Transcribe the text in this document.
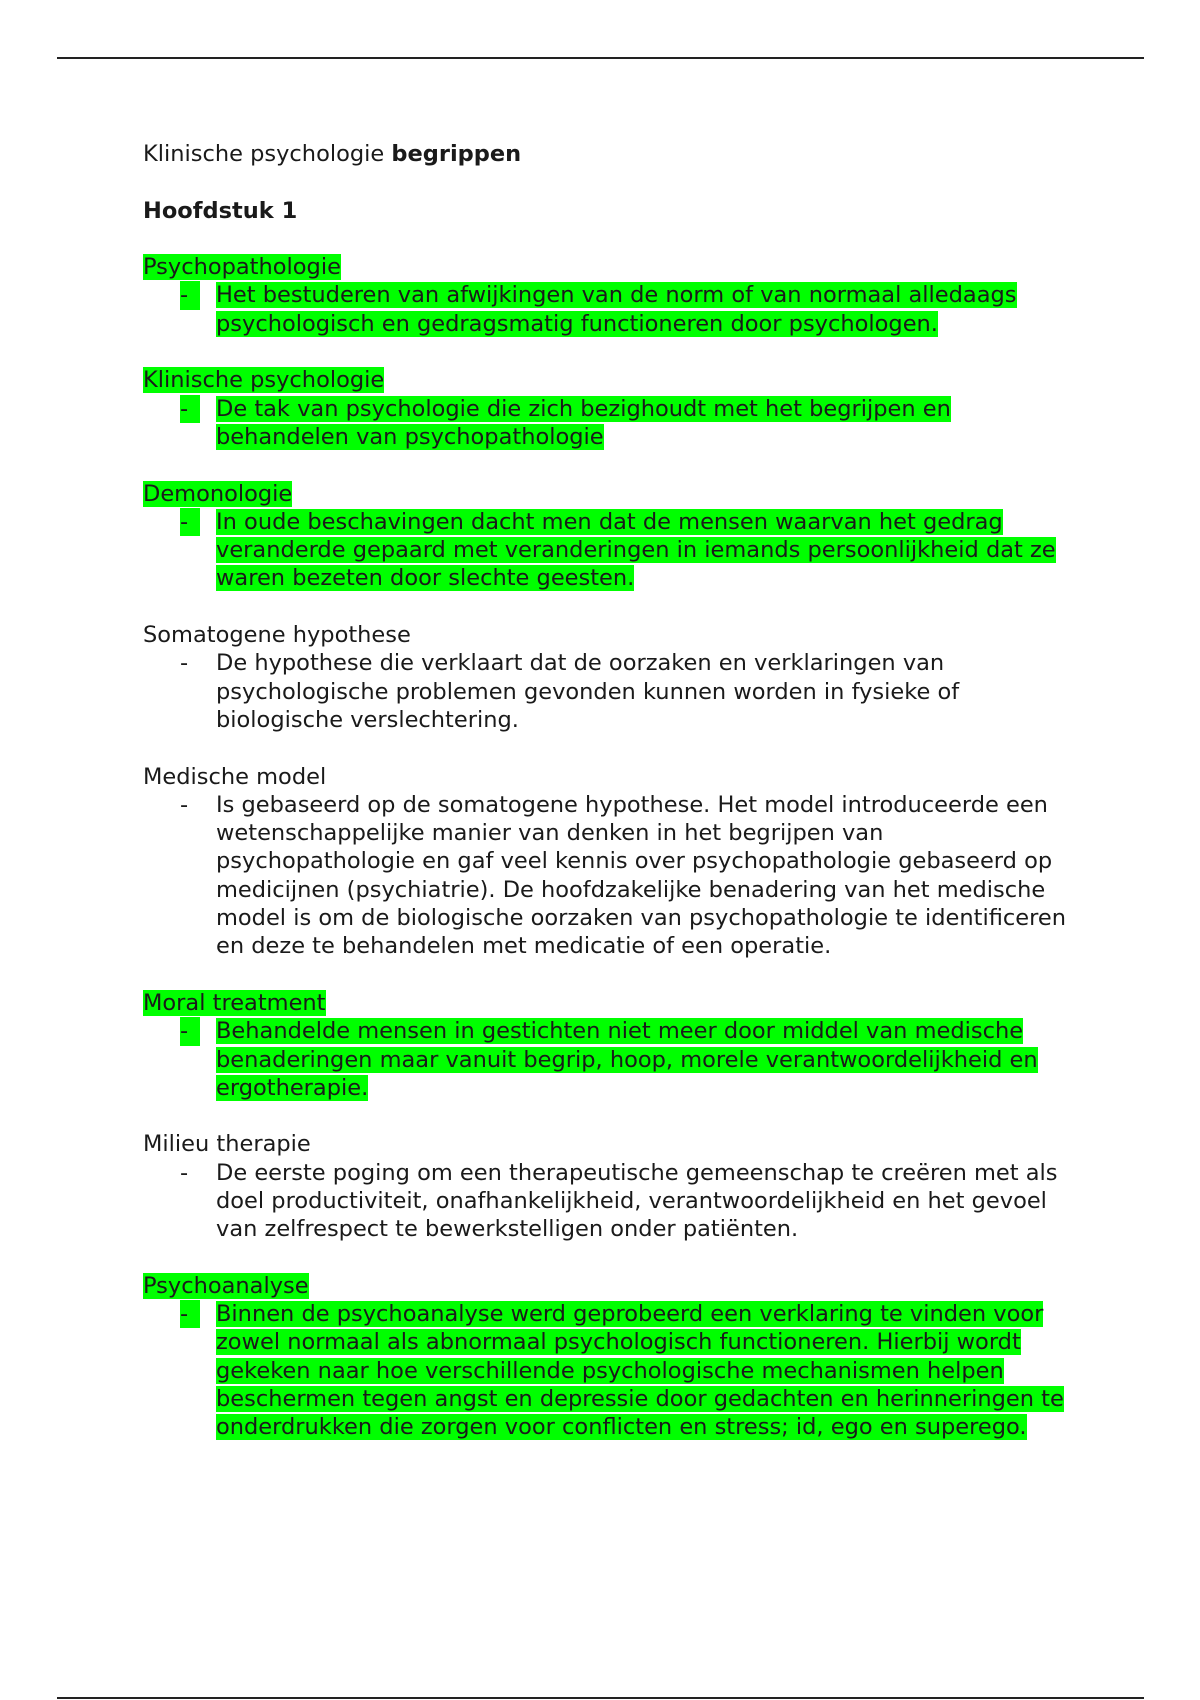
Klinische psychologie begrippen

Hoofdstuk 1

Psychopathologie
-	Het bestuderen van afwijkingen van de norm of van normaal alledaags psychologisch en gedragsmatig functioneren door psychologen.
Klinische psychologie
-	De tak van psychologie die zich bezighoudt met het begrijpen en behandelen van psychopathologie
Demonologie
-	In oude beschavingen dacht men dat de mensen waarvan het gedrag veranderde gepaard met veranderingen in iemands persoonlijkheid dat ze waren bezeten door slechte geesten.
Somatogene hypothese
- De hypothese die verklaart dat de oorzaken en verklaringen van psychologische problemen gevonden kunnen worden in fysieke of biologische verslechtering.
Medische model
- Is gebaseerd op de somatogene hypothese. Het model introduceerde een wetenschappelijke manier van denken in het begrijpen van psychopathologie en gaf veel kennis over psychopathologie gebaseerd op medicijnen (psychiatrie). De hoofdzakelijke benadering van het medische model is om de biologische oorzaken van psychopathologie te identificeren en deze te behandelen met medicatie of een operatie.
Moral treatment
-	Behandelde mensen in gestichten niet meer door middel van medische benaderingen maar vanuit begrip, hoop, morele verantwoordelijkheid en ergotherapie.
Milieu therapie
- De eerste poging om een therapeutische gemeenschap te creëren met als doel productiviteit, onafhankelijkheid, verantwoordelijkheid en het gevoel van zelfrespect te bewerkstelligen onder patiënten.
Psychoanalyse
-	Binnen de psychoanalyse werd geprobeerd een verklaring te vinden voor zowel normaal als abnormaal psychologisch functioneren. Hierbij wordt gekeken naar hoe verschillende psychologische mechanismen helpen beschermen tegen angst en depressie door gedachten en herinneringen te onderdrukken die zorgen voor conflicten en stress; id, ego en superego.
